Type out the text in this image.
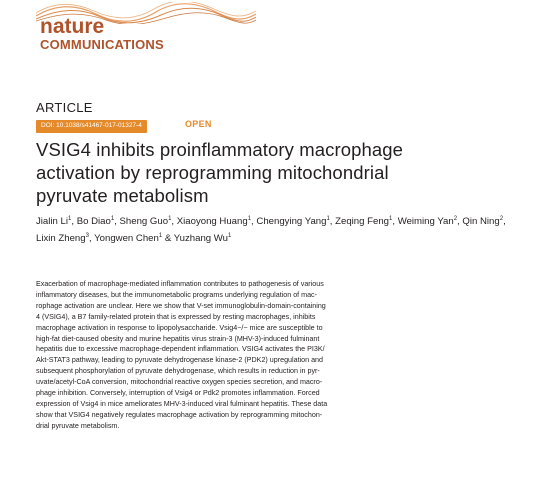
nature
COMMUNICATIONS
ARTICLE
DOI: 10.1038/s41467-017-01327-4	OPEN
VSIG4 inhibits proinflammatory macrophage
activation by reprogramming mitochondrial
pyruvate metabolism
Jialin Li$^1$, Bo Diao$^1$, Sheng Guo$^1$, Xiaoyong Huang$^1$, Chengying Yang$^1$, Zeqing Feng$^1$, Weiming Yan$^2$, Qin Ning$^2$,
Lixin Zheng$^3$, Yongwen Chen$^1$ & Yuzhang Wu$^1$
Exacerbation of macrophage-mediated inflammation contributes to pathogenesis of various
inflammatory diseases, but the immunometabolic programs underlying regulation of mac-
rophage activation are unclear. Here we show that V-set immunoglobulin-domain-containing
4 (VSIG4), a B7 family-related protein that is expressed by resting macrophages, inhibits
macrophage activation in response to lipopolysaccharide. Vsig4−/− mice are susceptible to
high-fat diet-caused obesity and murine hepatitis virus strain-3 (MHV-3)-induced fulminant
hepatitis due to excessive macrophage-dependent inflammation. VSIG4 activates the PI3K/
Akt-STAT3 pathway, leading to pyruvate dehydrogenase kinase-2 (PDK2) upregulation and
subsequent phosphorylation of pyruvate dehydrogenase, which results in reduction in pyr-
uvate/acetyl-CoA conversion, mitochondrial reactive oxygen species secretion, and macro-
phage inhibition. Conversely, interruption of Vsig4 or Pdk2 promotes inflammation. Forced
expression of Vsig4 in mice ameliorates MHV-3-induced viral fulminant hepatitis. These data
show that VSIG4 negatively regulates macrophage activation by reprogramming mitochon-
drial pyruvate metabolism.
